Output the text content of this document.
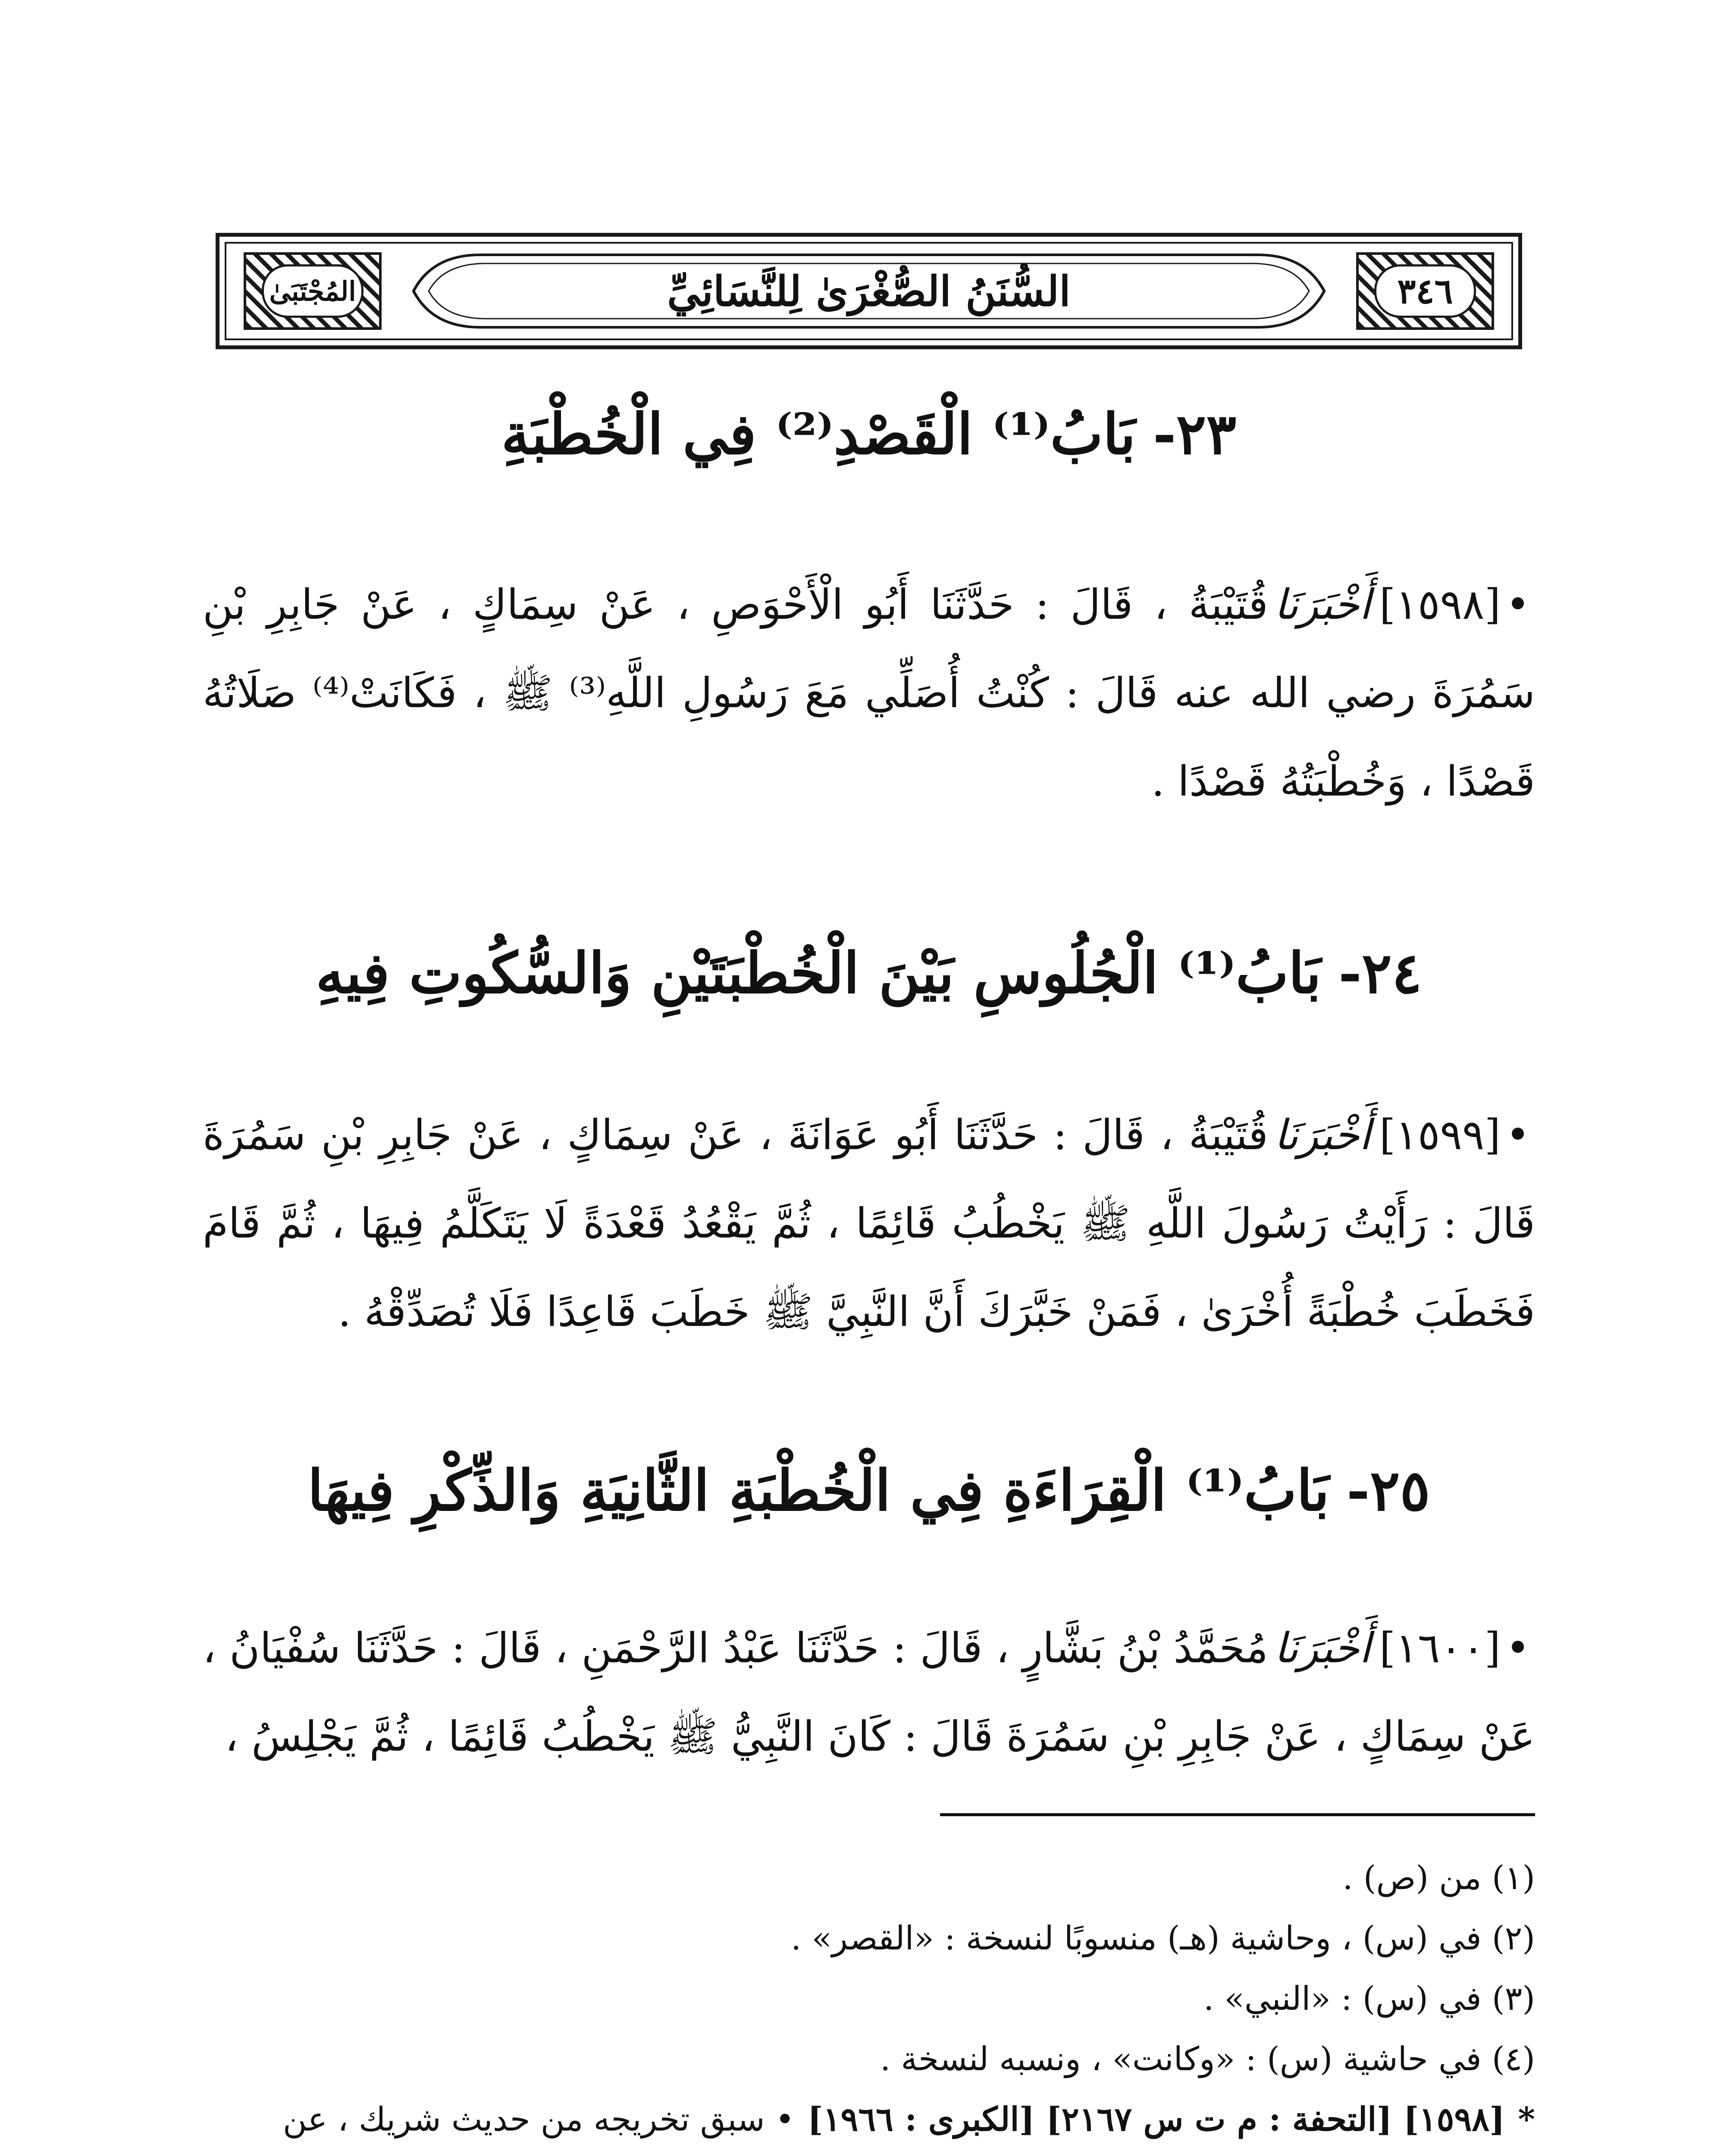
٣٤٦
السُّنَنُ الصُّغْرَىٰ لِلنَّسَائِيِّ
المُجْتَبَىٰ
٢٣-بَابُ⁽¹⁾ الْقَصْدِ⁽²⁾ فِي الْخُطْبَةِ
•[١٥٩٨]أَخْبَرَنَاقُتَيْبَةُ ، قَالَ : حَدَّثَنَا أَبُو الْأَحْوَصِ ، عَنْ سِمَاكٍ ، عَنْ جَابِرِ بْنِ سَمُرَةَ رضي الله عنه قَالَ : كُنْتُ أُصَلِّي مَعَ رَسُولِ اللَّهِ⁽³⁾ ﷺ ، فَكَانَتْ⁽⁴⁾ صَلَاتُهُ قَصْدًا ، وَخُطْبَتُهُ قَصْدًا .
٢٤-بَابُ⁽¹⁾ الْجُلُوسِ بَيْنَ الْخُطْبَتَيْنِ وَالسُّكُوتِ فِيهِ
•[١٥٩٩]أَخْبَرَنَاقُتَيْبَةُ ، قَالَ : حَدَّثَنَا أَبُو عَوَانَةَ ، عَنْ سِمَاكٍ ، عَنْ جَابِرِ بْنِ سَمُرَةَ قَالَ : رَأَيْتُ رَسُولَ اللَّهِ ﷺ يَخْطُبُ قَائِمًا ، ثُمَّ يَقْعُدُ قَعْدَةً لَا يَتَكَلَّمُ فِيهَا ، ثُمَّ قَامَ فَخَطَبَ خُطْبَةً أُخْرَىٰ ، فَمَنْ خَبَّرَكَ أَنَّ النَّبِيَّ ﷺ خَطَبَ قَاعِدًا فَلَا تُصَدِّقْهُ .
٢٥-بَابُ⁽¹⁾ الْقِرَاءَةِ فِي الْخُطْبَةِ الثَّانِيَةِ وَالذِّكْرِ فِيهَا
•[١٦٠٠]أَخْبَرَنَامُحَمَّدُ بْنُ بَشَّارٍ ، قَالَ : حَدَّثَنَا عَبْدُ الرَّحْمَنِ ، قَالَ : حَدَّثَنَا سُفْيَانُ ، عَنْ سِمَاكٍ ، عَنْ جَابِرِ بْنِ سَمُرَةَ قَالَ : كَانَ النَّبِيُّ ﷺ يَخْطُبُ قَائِمًا ، ثُمَّ يَجْلِسُ ،
(١) من (ص) .
(٢) في (س) ، وحاشية (هـ) منسوبًا لنسخة : «القصر» .
(٣) في (س) : «النبي» .
(٤) في حاشية (س) : «وكانت» ، ونسبه لنسخة .
*[١٥٩٨] [التحفة : م ت س ٢١٦٧] [الكبرى : ١٩٦٦]• سبق تخريجه من حديث شريك ، عن
